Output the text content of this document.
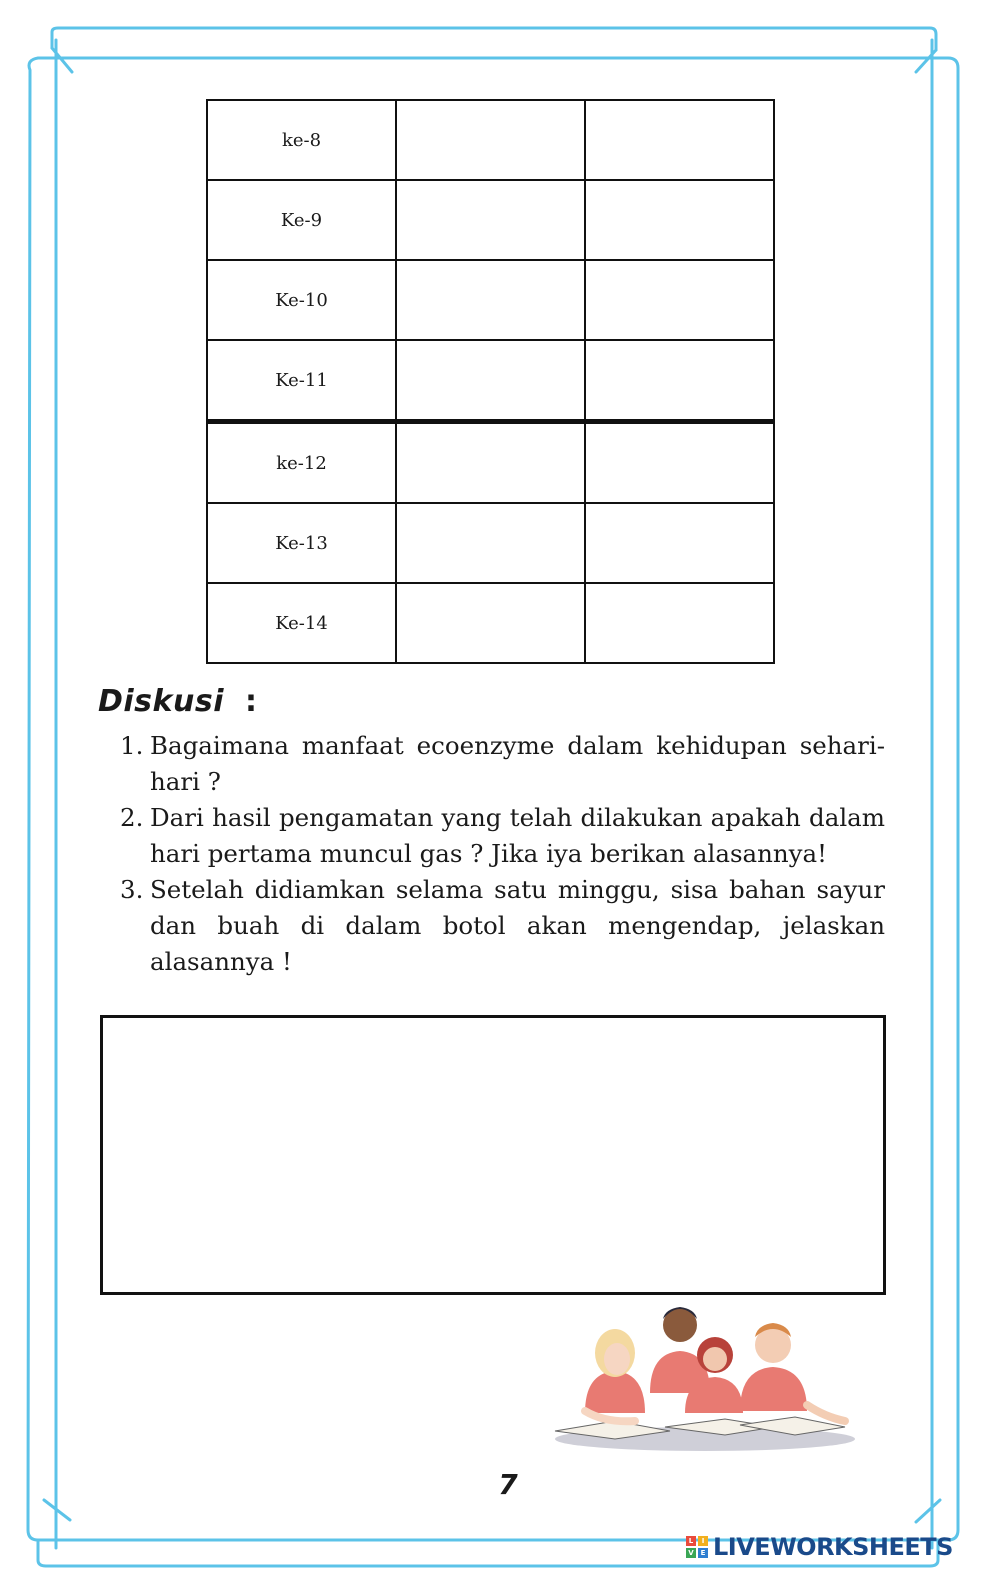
ke-8		
Ke-9		
Ke-10		
Ke-11		
ke-12		
Ke-13		
Ke-14		
Diskusi :
1. Bagaimana manfaat ecoenzyme dalam kehidupan sehari-hari ?
2. Dari hasil pengamatan yang telah dilakukan apakah dalam hari pertama muncul gas ? Jika iya berikan alasannya!
3. Setelah didiamkan selama satu minggu, sisa bahan sayur dan buah di dalam botol akan mengendap, jelaskan alasannya !
7
L	I
V E LIVEWORKSHEETS
